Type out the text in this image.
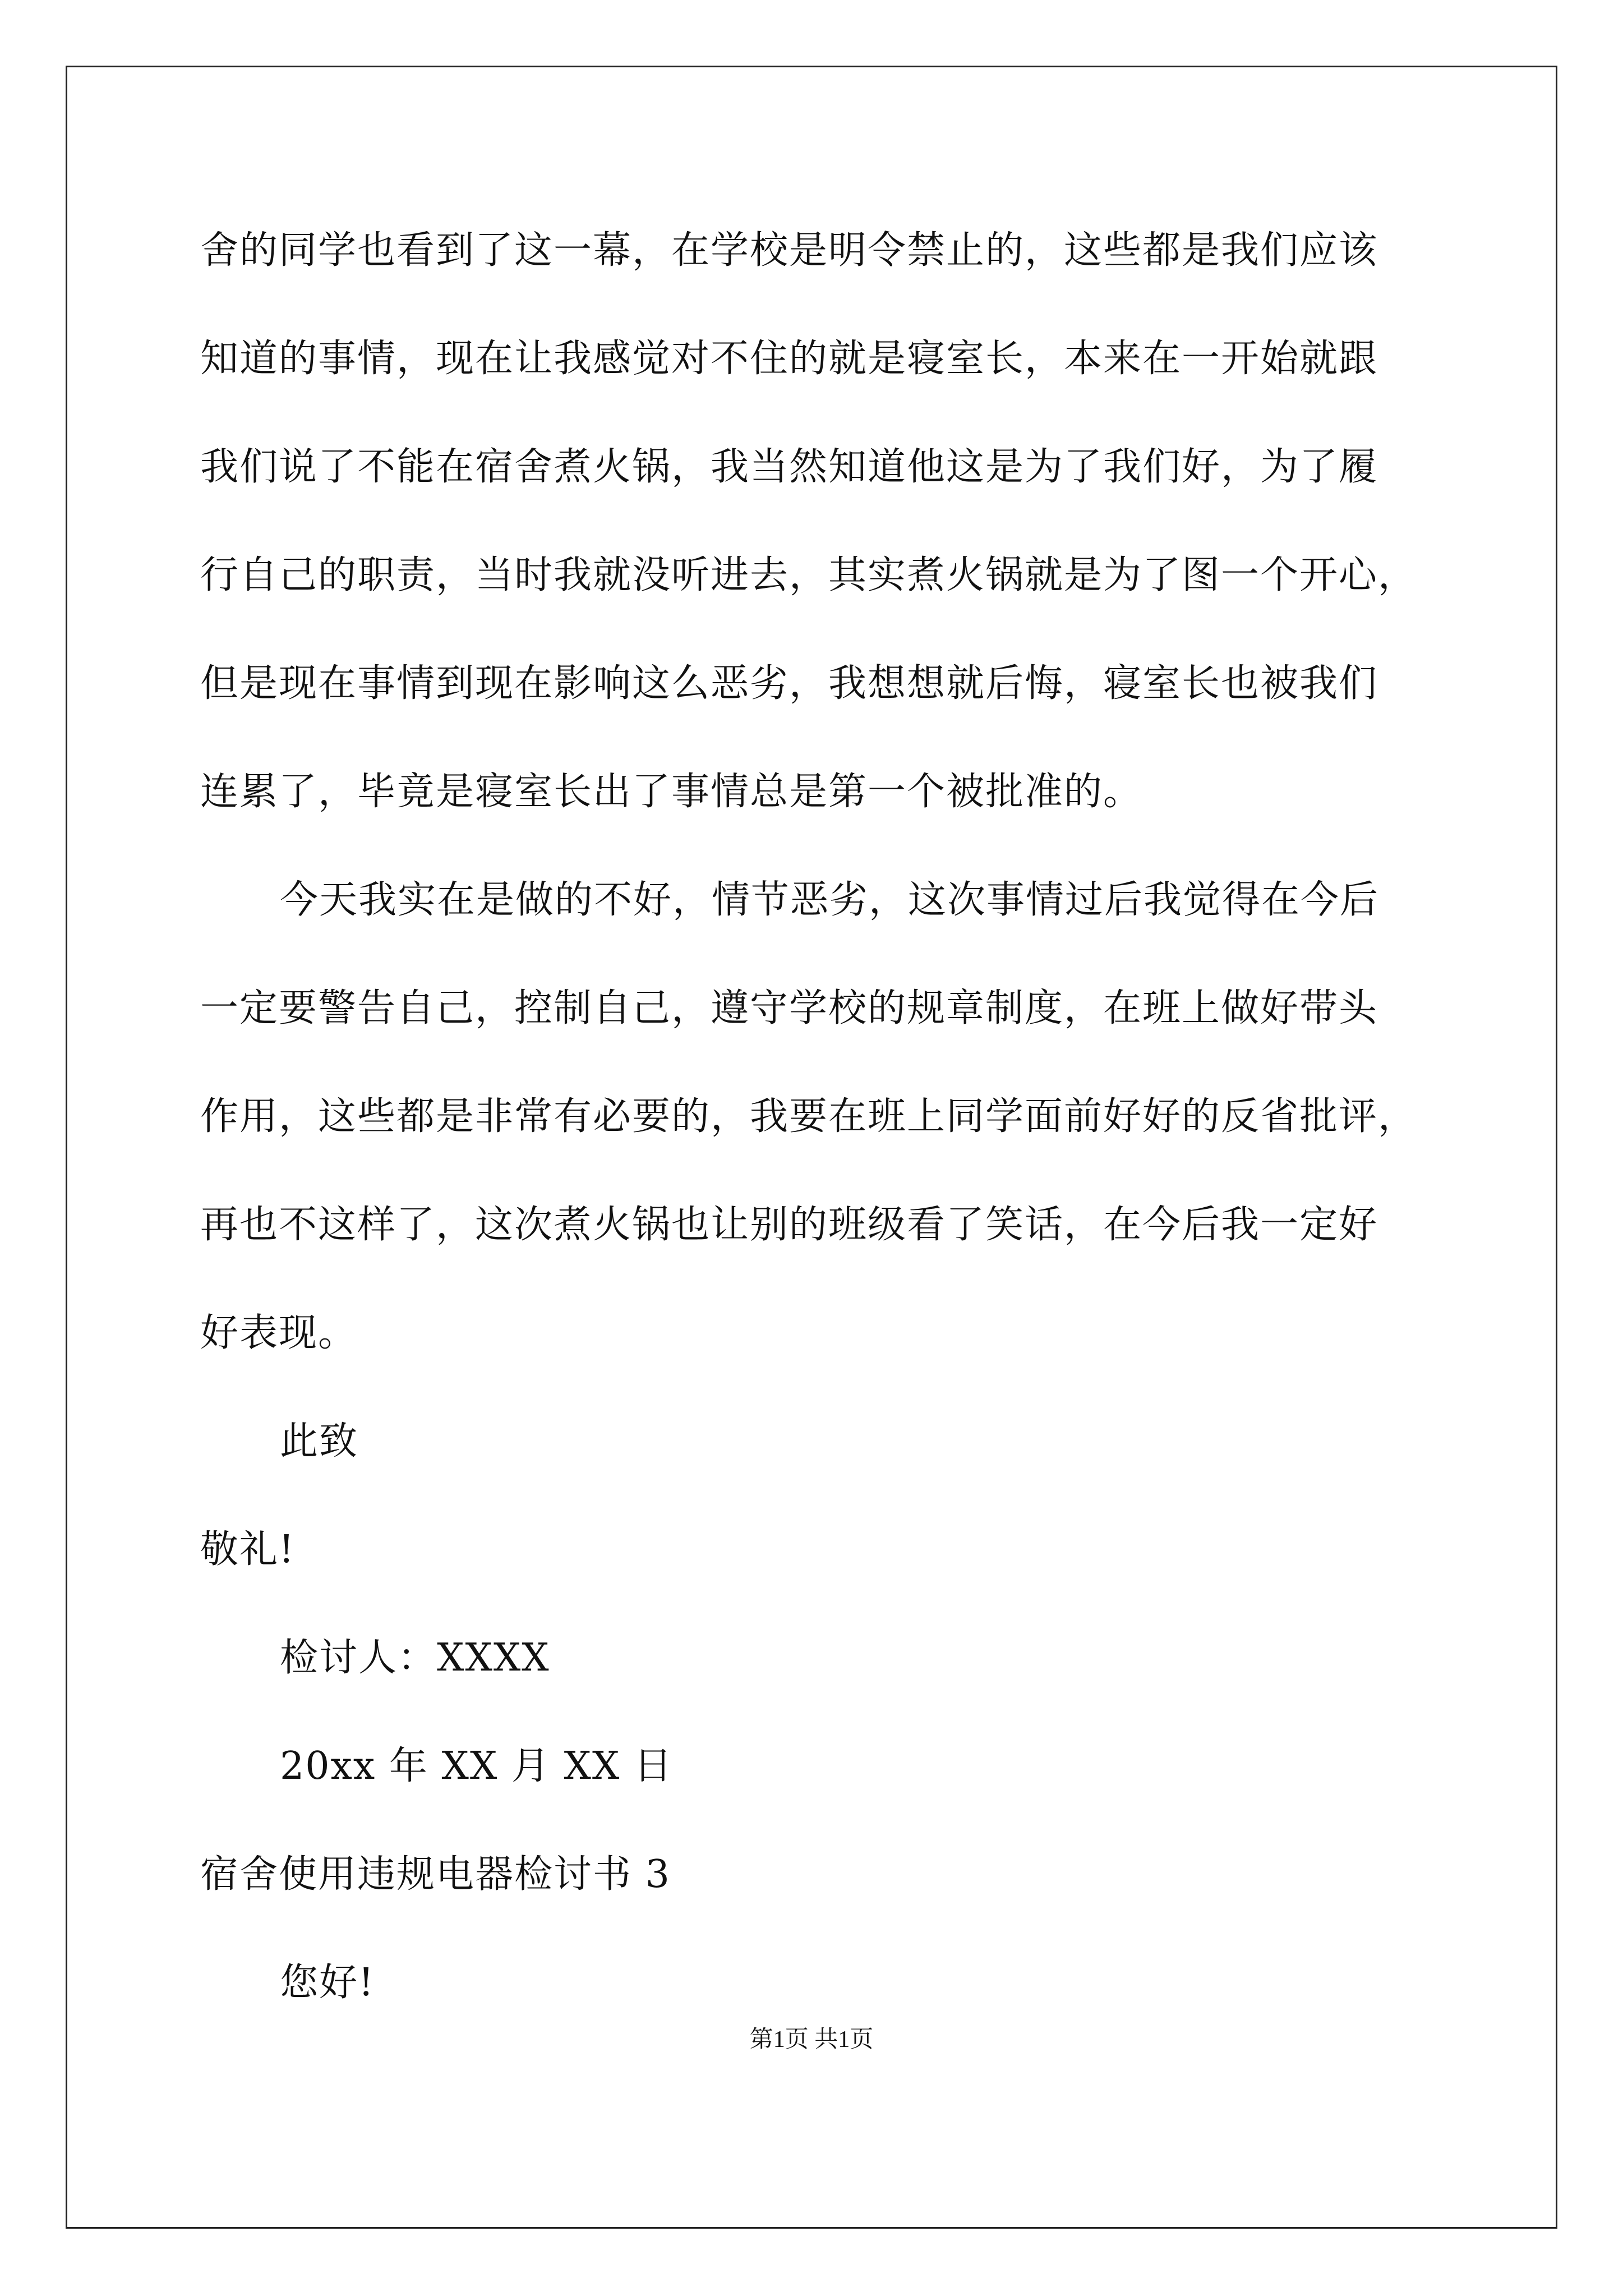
舍的同学也看到了这一幕，在学校是明令禁止的，这些都是我们应该
知道的事情，现在让我感觉对不住的就是寝室长，本来在一开始就跟
我们说了不能在宿舍煮火锅，我当然知道他这是为了我们好，为了履
行自己的职责，当时我就没听进去，其实煮火锅就是为了图一个开心，
但是现在事情到现在影响这么恶劣，我想想就后悔，寝室长也被我们
连累了，毕竟是寝室长出了事情总是第一个被批准的。
今天我实在是做的不好，情节恶劣，这次事情过后我觉得在今后
一定要警告自己，控制自己，遵守学校的规章制度，在班上做好带头
作用，这些都是非常有必要的，我要在班上同学面前好好的反省批评，
再也不这样了，这次煮火锅也让别的班级看了笑话，在今后我一定好
好表现。
此致
敬礼!
检讨人：XXXX
20xx 年 XX 月 XX 日
宿舍使用违规电器检讨书 3
您好!
第1页 共1页
